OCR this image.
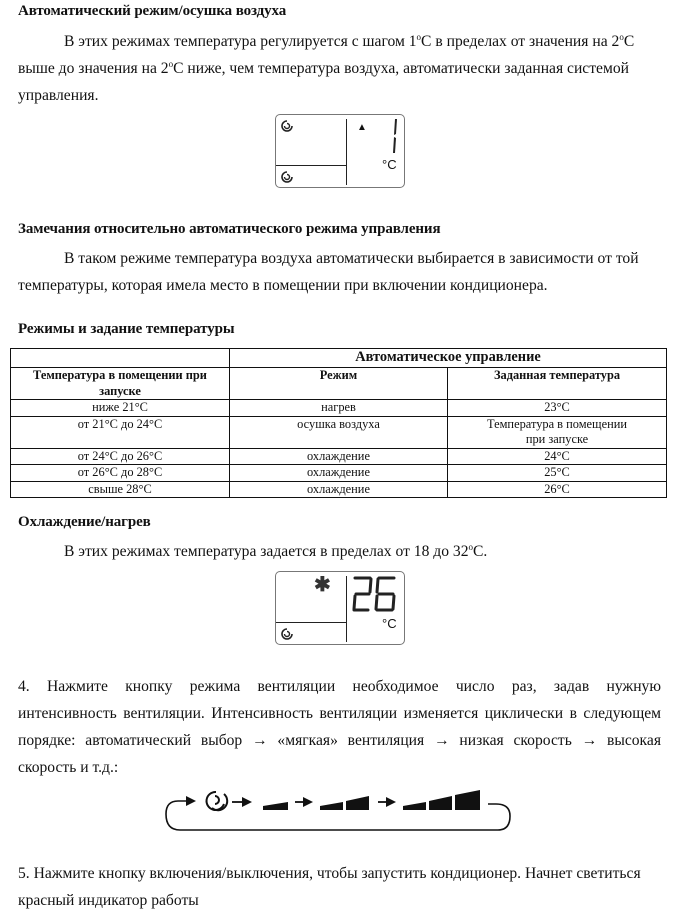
Автоматический режим/осушка воздуха
В этих режимах температура регулируется с шагом 1$^o$C в пределах от значения на 2$^o$C
выше до значения на 2$^o$C ниже, чем температура воздуха, автоматически заданная системой
управления.
▲
°C
Замечания относительно автоматического режима управления
В таком режиме температура воздуха автоматически выбирается в зависимости от той температуры, которая имела место в помещении при включении кондиционера.
Режимы и задание температуры
	Автоматическое управление	
Температура в помещении при запуске	Режим	Заданная температура
ниже 21°C	нагрев	23°C
от 21°C до 24°C	осушка воздуха	Температура в помещении при запуске
от 24°C до 26°C	охлаждение	24°C
от 26°C до 28°C	охлаждение	25°C
свыше 28°C	охлаждение	26°C
Охлаждение/нагрев
В этих режимах температура задается в пределах от 18 до 32$^o$C.
✱
°C
4. Нажмите кнопку режима вентиляции необходимое число раз, задав нужную
интенсивность вентиляции. Интенсивность вентиляции изменяется циклически в следующем
порядке: автоматический выбор → «мягкая» вентиляция → низкая скорость → высокая
скорость и т.д.:
5. Нажмите кнопку включения/выключения, чтобы запустить кондиционер. Начнет светиться
красный индикатор работы
